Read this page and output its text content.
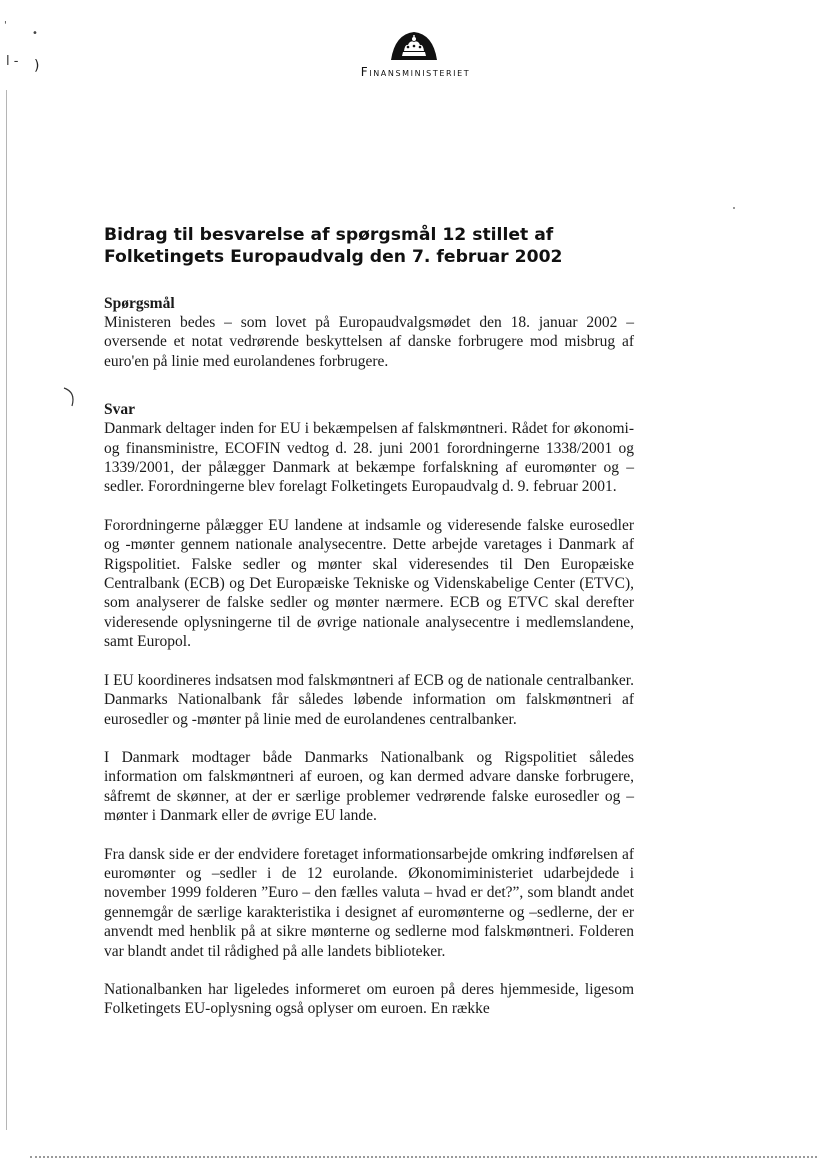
'
•
l - )	Finansministeriet
Bidrag til besvarelse af spørgsmål 12 stillet af Folketingets Europaudvalg den 7. februar 2002
Spørgsmål

Ministeren bedes – som lovet på Europaudvalgsmødet den 18. januar 2002 – oversende et notat vedrørende beskyttelsen af danske forbrugere mod misbrug af euro'en på linie med eurolandenes forbrugere.

Svar

Danmark deltager inden for EU i bekæmpelsen af falskmøntneri. Rådet for økonomi- og finansministre, ECOFIN vedtog d. 28. juni 2001 forordningerne 1338/2001 og 1339/2001, der pålægger Danmark at bekæmpe forfalskning af euromønter og –sedler. Forordningerne blev forelagt Folketingets Europaudvalg d. 9. februar 2001.

Forordningerne pålægger EU landene at indsamle og videresende falske eurosedler og -mønter gennem nationale analysecentre. Dette arbejde varetages i Danmark af Rigspolitiet. Falske sedler og mønter skal videresendes til Den Europæiske Centralbank (ECB) og Det Europæiske Tekniske og Videnskabelige Center (ETVC), som analyserer de falske sedler og mønter nærmere. ECB og ETVC skal derefter videresende oplysningerne til de øvrige nationale analysecentre i medlemslandene, samt Europol.

I EU koordineres indsatsen mod falskmøntneri af ECB og de nationale centralbanker. Danmarks Nationalbank får således løbende information om falskmøntneri af eurosedler og -mønter på linie med de eurolandenes centralbanker.

I Danmark modtager både Danmarks Nationalbank og Rigspolitiet således information om falskmøntneri af euroen, og kan dermed advare danske forbrugere, såfremt de skønner, at der er særlige problemer vedrørende falske eurosedler og –mønter i Danmark eller de øvrige EU lande.

Fra dansk side er der endvidere foretaget informationsarbejde omkring indførelsen af euromønter og –sedler i de 12 eurolande. Økonomiministeriet udarbejdede i november 1999 folderen ”Euro – den fælles valuta – hvad er det?”, som blandt andet gennemgår de særlige karakteristika i designet af euromønterne og –sedlerne, der er anvendt med henblik på at sikre mønterne og sedlerne mod falskmøntneri. Folderen var blandt andet til rådighed på alle landets biblioteker.

Nationalbanken har ligeledes informeret om euroen på deres hjemmeside, ligesom Folketingets EU-oplysning også oplyser om euroen. En række
